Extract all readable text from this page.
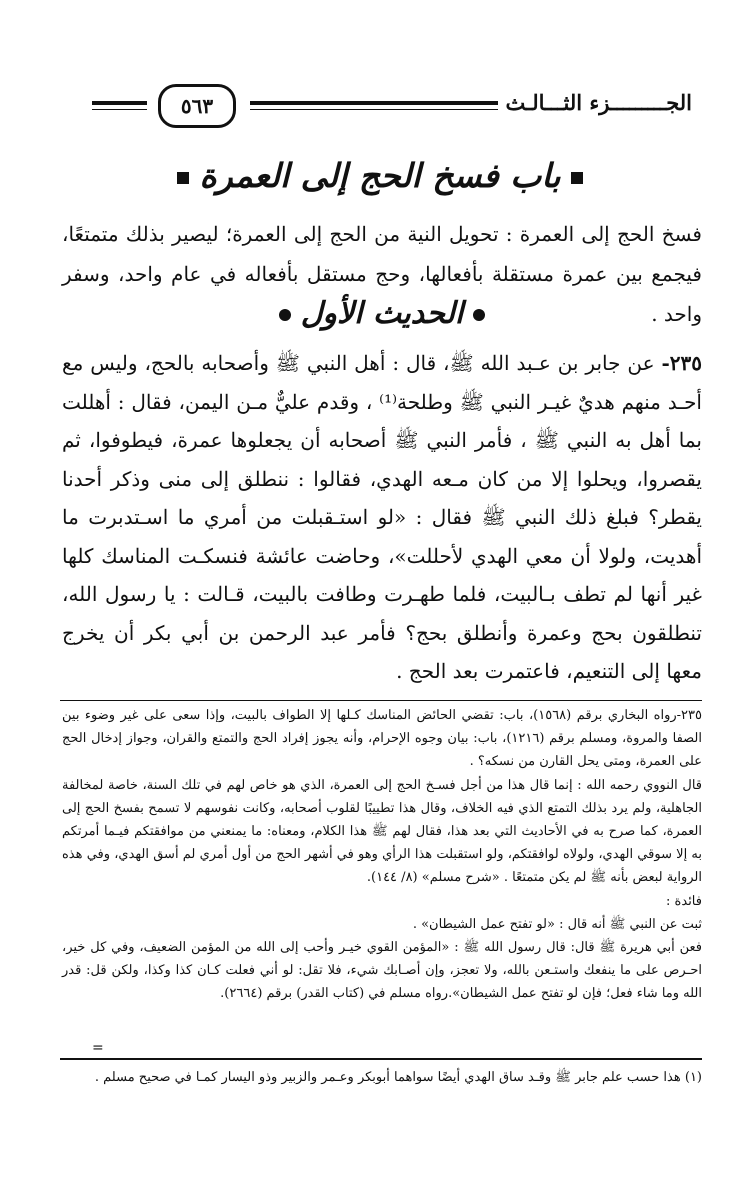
الجـــــــــزء الثـــالـث
٥٦٣
باب فسخ الحج إلى العمرة
فسخ الحج إلى العمرة : تحويل النية من الحج إلى العمرة؛ ليصير بذلك متمتعًا، فيجمع بين عمرة مستقلة بأفعالها، وحج مستقل بأفعاله في عام واحد، وسفر واحد .
الحديث الأول
٢٣٥- عن جابر بن عـبد الله ﷺ، قال : أهل النبي ﷺ وأصحابه بالحج، وليس مع أحـد منهم هديٌ غيـر النبي ﷺ وطلحة⁽¹⁾ ، وقدم عليٌّ مـن اليمن، فقال : أهللت بما أهل به النبي ﷺ ، فأمر النبي ﷺ أصحابه أن يجعلوها عمرة، فيطوفوا، ثم يقصروا، ويحلوا إلا من كان مـعه الهدي، فقالوا : ننطلق إلى منى وذكر أحدنا يقطر؟ فبلغ ذلك النبي ﷺ فقال : «لو استـقبلت من أمري ما اسـتدبرت ما أهديت، ولولا أن معي الهدي لأحللت»، وحاضت عائشة فنسكـت المناسك كلها غير أنها لم تطف بـالبيت، فلما طهـرت وطافت بالبيت، قـالت : يا رسول الله، تنطلقون بحج وعمرة وأنطلق بحج؟ فأمر عبد الرحمن بن أبي بكر أن يخرج معها إلى التنعيم، فاعتمرت بعد الحج .

٢٣٥-رواه البخاري برقم (١٥٦٨)، باب: تقضي الحائض المناسك كـلها إلا الطواف بالبيت، وإذا سعى على غير وضوء بين الصفا والمروة، ومسلم برقم (١٢١٦)، باب: بيان وجوه الإحرام، وأنه يجوز إفراد الحج والتمتع والقران، وجواز إدخال الحج على العمرة، ومتى يحل القارن من نسكه؟ .

قال النووي رحمه الله : إنما قال هذا من أجل فسـخ الحج إلى العمرة، الذي هو خاص لهم في تلك السنة، خاصة لمخالفة الجاهلية، ولم يرد بذلك التمتع الذي فيه الخلاف، وقال هذا تطييبًا لقلوب أصحابه، وكانت نفوسهم لا تسمح بفسخ الحج إلى العمرة، كما صرح به في الأحاديث التي بعد هذا، فقال لهم ﷺ هذا الكلام، ومعناه: ما يمنعني من موافقتكم فيـما أمرتكم به إلا سوقي الهدي، ولولاه لوافقتكم، ولو استقبلت هذا الرأي وهو في أشهر الحج من أول أمري لم أسق الهدي، وفي هذه الرواية لبعض بأنه ﷺ لم يكن متمتعًا . «شرح مسلم» (٨/ ١٤٤).

فائدة :

ثبت عن النبي ﷺ أنه قال : «لو تفتح عمل الشيطان» .

فعن أبي هريرة ﷺ قال: قال رسول الله ﷺ : «المؤمن القوي خيـر وأحب إلى الله من المؤمن الضعيف، وفي كل خير، احـرص على ما ينفعك واستـعن بالله، ولا تعجز، وإن أصـابك شيء، فلا تقل: لو أني فعلت كـان كذا وكذا، ولكن قل: قدر الله وما شاء فعل؛ فإن لو تفتح عمل الشيطان».رواه مسلم في (كتاب القدر) برقم (٢٦٦٤).

=

(١) هذا حسب علم جابر ﷺ وقـد ساق الهدي أيضًا سواهما أبوبكر وعـمر والزبير وذو اليسار كمـا في صحيح مسلم .
